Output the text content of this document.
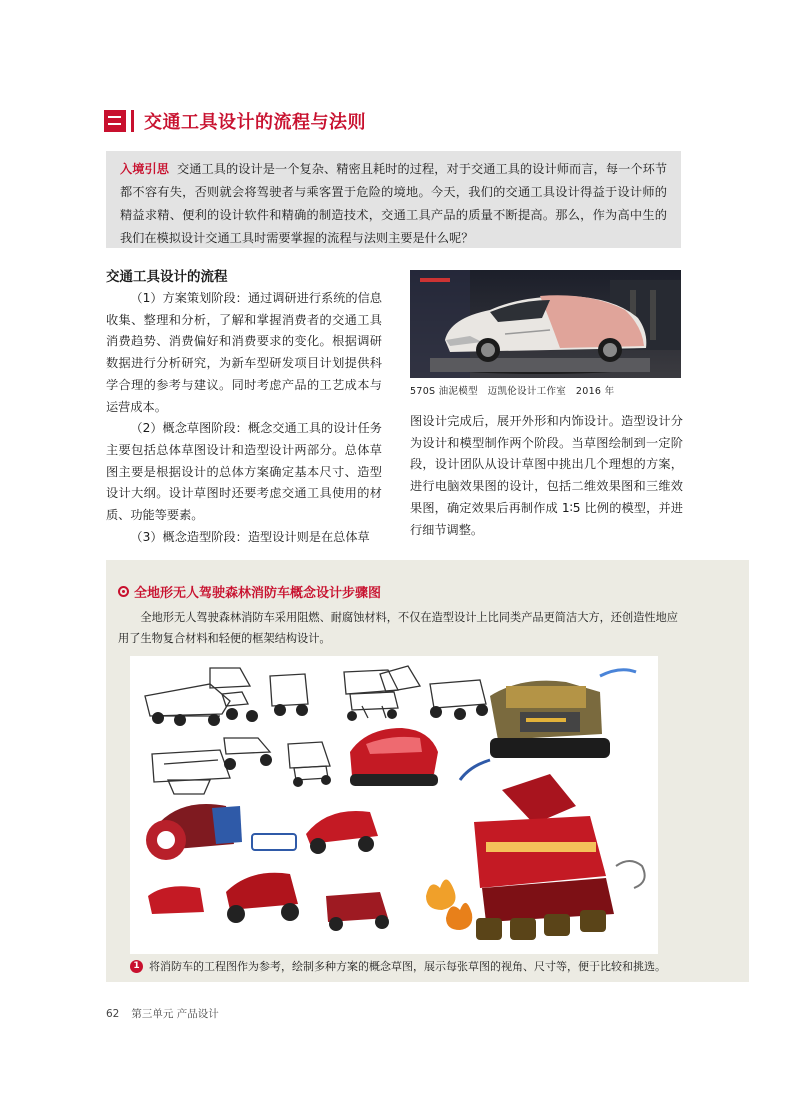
交通工具设计的流程与法则
入境引思 交通工具的设计是一个复杂、精密且耗时的过程，对于交通工具的设计师而言，每一个环节都不容有失，否则就会将驾驶者与乘客置于危险的境地。今天，我们的交通工具设计得益于设计师的精益求精、便利的设计软件和精确的制造技术，交通工具产品的质量不断提高。那么，作为高中生的我们在模拟设计交通工具时需要掌握的流程与法则主要是什么呢？

交通工具设计的流程

（1）方案策划阶段：通过调研进行系统的信息收集、整理和分析，了解和掌握消费者的交通工具消费趋势、消费偏好和消费要求的变化。根据调研数据进行分析研究，为新车型研发项目计划提供科学合理的参考与建议。同时考虑产品的工艺成本与运营成本。

（2）概念草图阶段：概念交通工具的设计任务主要包括总体草图设计和造型设计两部分。总体草图主要是根据设计的总体方案确定基本尺寸、造型设计大纲。设计草图时还要考虑交通工具使用的材质、功能等要素。

（3）概念造型阶段：造型设计则是在总体草

570S 油泥模型　迈凯伦设计工作室　2016 年

图设计完成后，展开外形和内饰设计。造型设计分为设计和模型制作两个阶段。当草图绘制到一定阶段，设计团队从设计草图中挑出几个理想的方案，进行电脑效果图的设计，包括二维效果图和三维效果图，确定效果后再制作成 1∶5 比例的模型，并进行细节调整。

全地形无人驾驶森林消防车概念设计步骤图
全地形无人驾驶森林消防车采用阻燃、耐腐蚀材料，不仅在造型设计上比同类产品更简洁大方，还创造性地应用了生物复合材料和轻便的框架结构设计。
1 将消防车的工程图作为参考，绘制多种方案的概念草图，展示每张草图的视角、尺寸等，便于比较和挑选。
62 第三单元 产品设计
